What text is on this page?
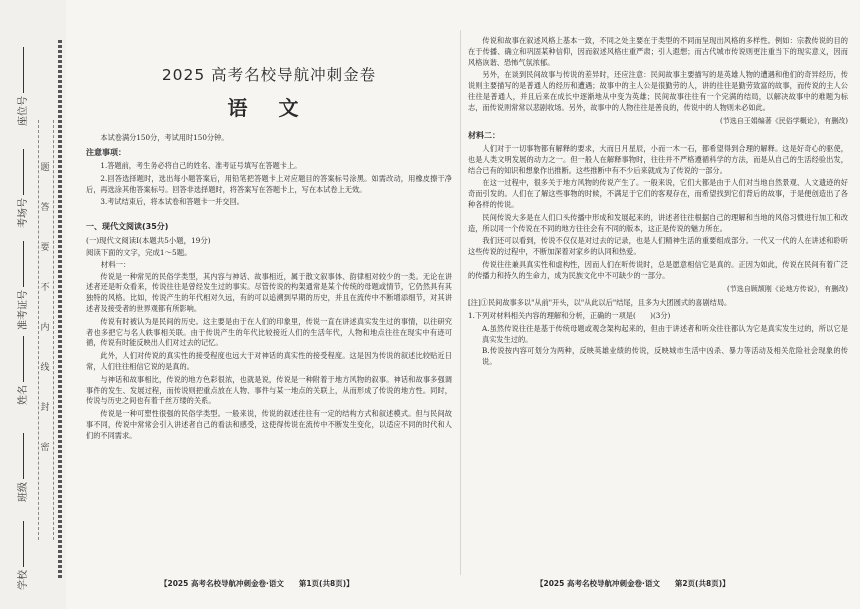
学校
班级
姓名
准考证号
考场号
座位号
题
答
要
不
内
线
封
密
2025 高考名校导航冲刺金卷
语 文

本试卷满分150分，考试用时150分钟。

注意事项：

1.答题前，考生务必将自己的姓名、准考证号填写在答题卡上。

2.回答选择题时，选出每小题答案后，用铅笔把答题卡上对应题目的答案标号涂黑。如需改动，用橡皮擦干净后，再选涂其他答案标号。回答非选择题时，将答案写在答题卡上，写在本试卷上无效。

3.考试结束后，将本试卷和答题卡一并交回。

一、现代文阅读(35分)
(一)现代文阅读Ⅰ(本题共5小题，19分)
阅读下面的文字，完成1～5题。
材料一：

传说是一种常见的民俗学类型，其内容与神话、故事相近，属于散文叙事体、韵律相对较少的一类。无论在讲述者还是听众看来，传说往往是曾经发生过的事实。尽管传说的构架通常是某个传统的母题或情节，它仍然具有其独特的风格。比如，传说产生的年代相对久远，有的可以追溯到早期的历史，并且在流传中不断增添细节，对其讲述者及接受者的世界观都有所影响。

传说有时被认为是民间的历史。这主要是由于在人们的印象里，传说一直在讲述真实发生过的事情，以往研究者也多把它与名人轶事相关联。由于传说产生的年代比较接近人们的生活年代，人物和地点往往在现实中有迹可循，传说有时能反映出人们对过去的记忆。

此外，人们对传说的真实性的接受程度也远大于对神话的真实性的接受程度。这是因为传说的叙述比较贴近日常，人们往往相信它说的是真的。

与神话和故事相比，传说的地方色彩很浓，也就是说，传说是一种附着于地方风物的叙事。神话和故事多强调事件的发生、发展过程，而传说则把重点放在人物、事件与某一地点的关联上，从而形成了传说的地方性。同时，传说与历史之间也有着千丝万缕的关系。

传说是一种可塑性很强的民俗学类型。一般来说，传说的叙述往往有一定的结构方式和叙述模式。但与民间故事不同，传说中常常会引入讲述者自己的看法和感受，这使得传说在流传中不断发生变化，以适应不同的时代和人们的不同需求。

传说和故事在叙述风格上基本一致，不同之处主要在于类型的不同而呈现出风格的多样性。例如：宗教传说的目的在于传播、确立和巩固某种信仰，因而叙述风格庄重严肃；引人遐想；而古代城市传说则更注重当下的现实意义，因而风格诙谐、恐怖气氛浓郁。

另外，在谈到民间故事与传说的差异时，还应注意：民间故事主要描写的是英雄人物的遭遇和他们的奇异经历，传说则主要描写的是普通人的经历和遭遇；故事中的主人公是很勤劳的人，讲的往往是勤劳致富的故事，而传说的主人公往往是普通人，并且后来在成长中逐渐地从中变为英雄；民间故事往往有一个完满的结局，以解决故事中的难题为标志，而传说则常常以悲剧收场。另外，故事中的人物往往是善良的，传说中的人物则未必如此。

(节选自王娟编著《民俗学概论》，有删改)
材料二：

人们对于一切事物都有解释的要求，大而日月星辰，小而一木一石，都希望得到合理的解释。这是好奇心的驱使，也是人类文明发展的动力之一。但一般人在解释事物时，往往并不严格遵循科学的方法，而是从自己的生活经验出发，结合已有的知识和想象作出推断。这些推断中有不少后来就成为了传说的一部分。

在这一过程中，很多关于地方风物的传说产生了。一般来说，它们大都是由于人们对当地自然景观、人文遗迹的好奇而引发的。人们在了解这些事物的时候，不满足于它们的客观存在，而希望找到它们背后的故事，于是便创造出了各种各样的传说。

民间传说大多是在人们口头传播中形成和发展起来的，讲述者往往根据自己的理解和当地的风俗习惯进行加工和改造，所以同一个传说在不同的地方往往会有不同的版本，这正是传说的魅力所在。

我们还可以看到，传说不仅仅是对过去的记录，也是人们精神生活的重要组成部分。一代又一代的人在讲述和聆听这些传说的过程中，不断加深着对家乡的认同和热爱。

传说往往兼具真实性和虚构性，因而人们在听传说时，总是愿意相信它是真的。正因为如此，传说在民间有着广泛的传播力和持久的生命力，成为民族文化中不可缺少的一部分。

(节选自顾颉刚《论地方传说》，有删改)

[注]①民间故事多以"从前"开头，以"从此以后"结尾，且多为大团圆式的喜剧结局。

1.下列对材料相关内容的理解和分析，正确的一项是(　　)(3分)

A.虽然传说往往是基于传统母题或观念架构起来的，但由于讲述者和听众往往都认为它是真实发生过的，所以它是真实发生过的。

B.传说按内容可划分为两种，反映英雄业绩的传说，反映城市生活中凶杀、暴力等活动及相关危险社会现象的传说。

【2025 高考名校导航冲刺金卷·语文　　第1页(共8页)】	【2025 高考名校导航冲刺金卷·语文　　第2页(共8页)】
